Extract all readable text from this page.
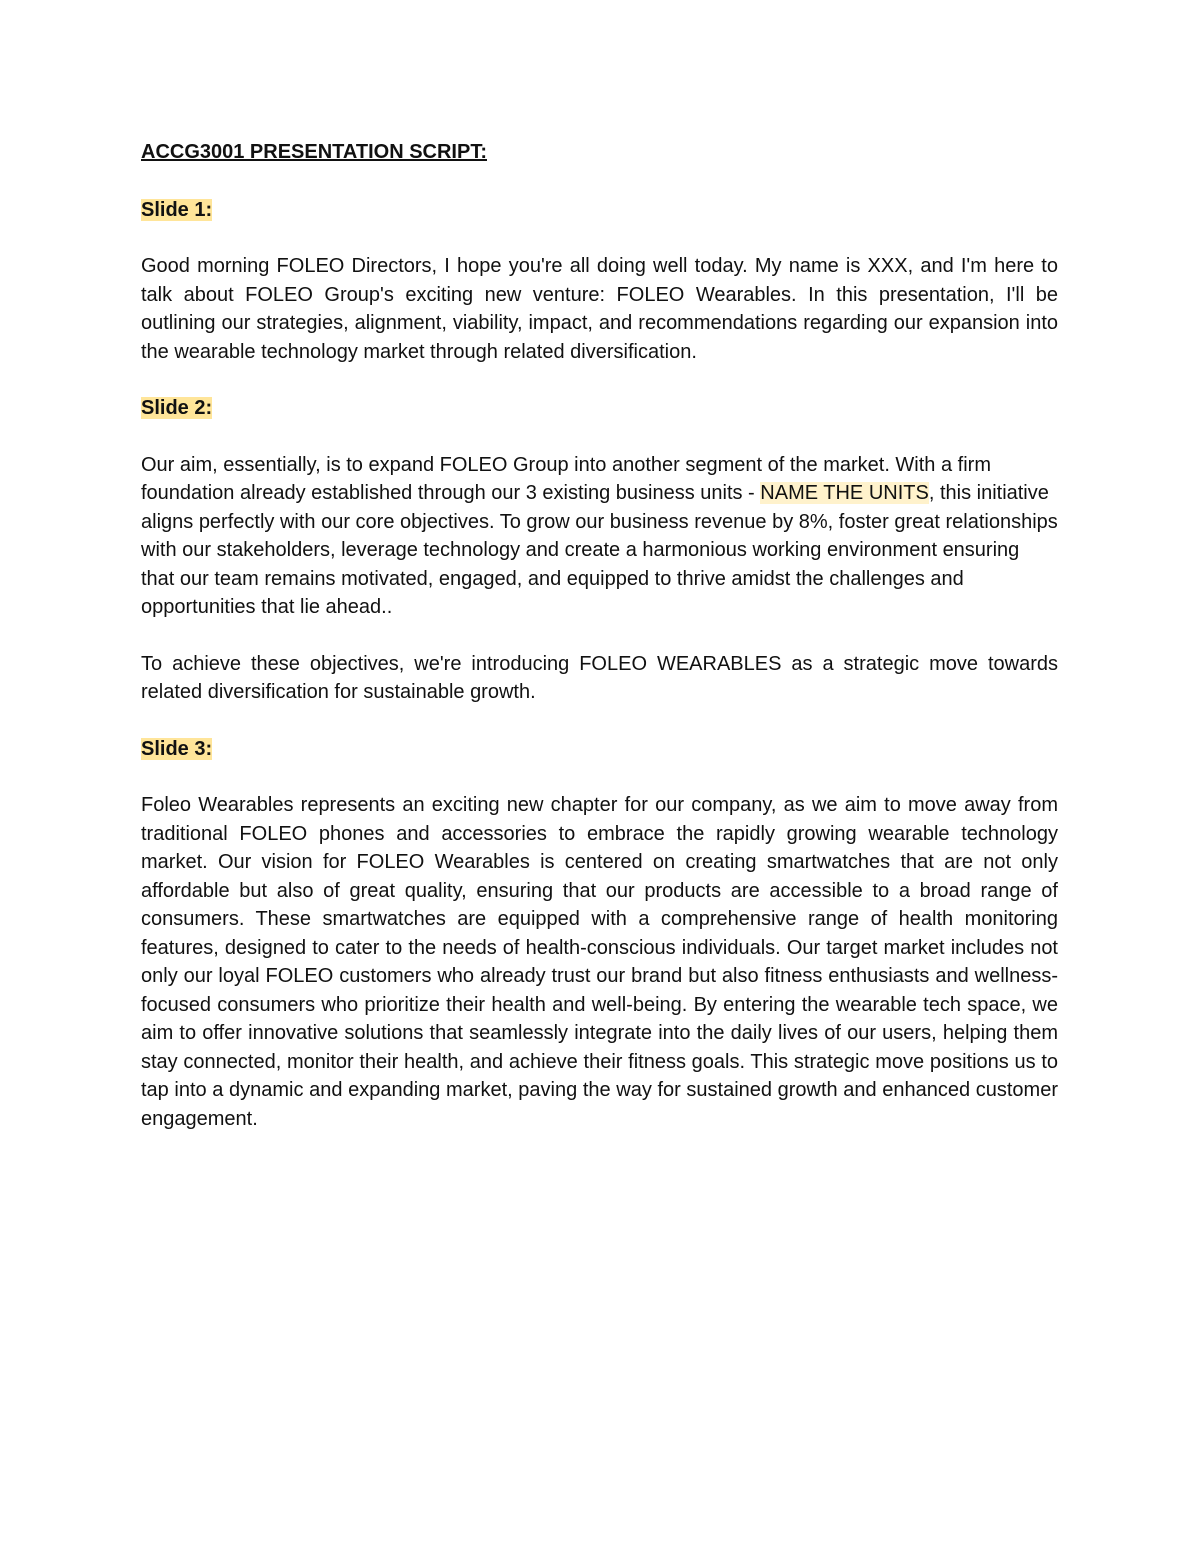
ACCG3001 PRESENTATION SCRIPT:
Slide 1:

Good morning FOLEO Directors, I hope you're all doing well today. My name is XXX, and I'm here to talk about FOLEO Group's exciting new venture: FOLEO Wearables. In this presentation, I'll be outlining our strategies, alignment, viability, impact, and recommendations regarding our expansion into the wearable technology market through related diversification.

Slide 2:

Our aim, essentially, is to expand FOLEO Group into another segment of the market. With a firm foundation already established through our 3 existing business units - NAME THE UNITS, this initiative aligns perfectly with our core objectives. To grow our business revenue by 8%, foster great relationships with our stakeholders, leverage technology and create a harmonious working environment ensuring that our team remains motivated, engaged, and equipped to thrive amidst the challenges and opportunities that lie ahead..

To achieve these objectives, we're introducing FOLEO WEARABLES as a strategic move towards related diversification for sustainable growth.

Slide 3:

Foleo Wearables represents an exciting new chapter for our company, as we aim to move away from traditional FOLEO phones and accessories to embrace the rapidly growing wearable technology market. Our vision for FOLEO Wearables is centered on creating smartwatches that are not only affordable but also of great quality, ensuring that our products are accessible to a broad range of consumers. These smartwatches are equipped with a comprehensive range of health monitoring features, designed to cater to the needs of health-conscious individuals. Our target market includes not only our loyal FOLEO customers who already trust our brand but also fitness enthusiasts and wellness-focused consumers who prioritize their health and well-being. By entering the wearable tech space, we aim to offer innovative solutions that seamlessly integrate into the daily lives of our users, helping them stay connected, monitor their health, and achieve their fitness goals. This strategic move positions us to tap into a dynamic and expanding market, paving the way for sustained growth and enhanced customer engagement.
